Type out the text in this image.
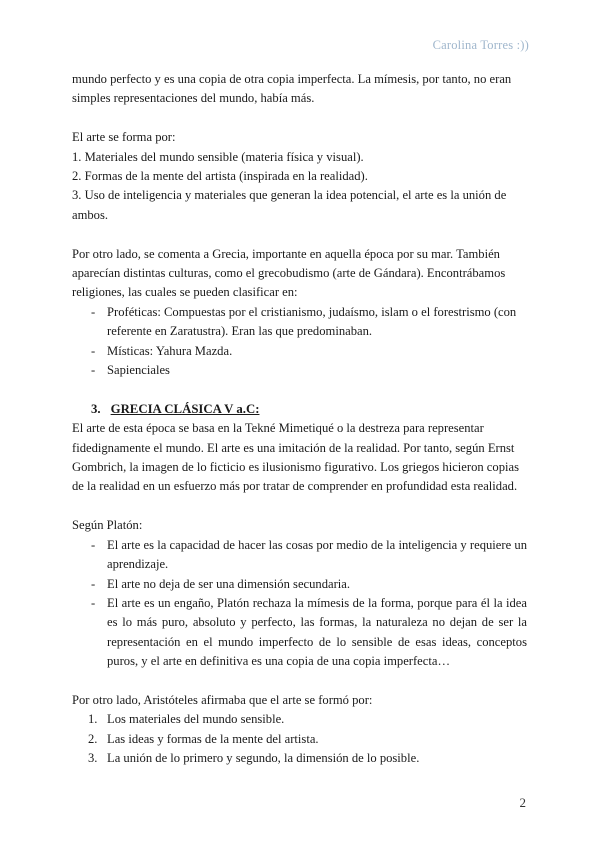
Carolina Torres :))

mundo perfecto y es una copia de otra copia imperfecta. La mímesis, por tanto, no eran simples representaciones del mundo, había más.

El arte se forma por:

1. Materiales del mundo sensible (materia física y visual).

2. Formas de la mente del artista (inspirada en la realidad).

3. Uso de inteligencia y materiales que generan la idea potencial, el arte es la unión de ambos.

Por otro lado, se comenta a Grecia, importante en aquella época por su mar. También aparecían distintas culturas, como el grecobudismo (arte de Gándara). Encontrábamos religiones, las cuales se pueden clasificar en:

- Proféticas: Compuestas por el cristianismo, judaísmo, islam o el forestrismo (con referente en Zaratustra). Eran las que predominaban.
- Místicas: Yahura Mazda.
- Sapienciales

3. GRECIA CLÁSICA V a.C:

El arte de esta época se basa en la Tekné Mimetiqué o la destreza para representar fidedignamente el mundo. El arte es una imitación de la realidad. Por tanto, según Ernst Gombrich, la imagen de lo ficticio es ilusionismo figurativo. Los griegos hicieron copias de la realidad en un esfuerzo más por tratar de comprender en profundidad esta realidad.

Según Platón:

- El arte es la capacidad de hacer las cosas por medio de la inteligencia y requiere un aprendizaje.
- El arte no deja de ser una dimensión secundaria.
- El arte es un engaño, Platón rechaza la mímesis de la forma, porque para él la idea es lo más puro, absoluto y perfecto, las formas, la naturaleza no dejan de ser la representación en el mundo imperfecto de lo sensible de esas ideas, conceptos puros, y el arte en definitiva es una copia de una copia imperfecta…

Por otro lado, Aristóteles afirmaba que el arte se formó por:

1. Los materiales del mundo sensible.
2. Las ideas y formas de la mente del artista.
3. La unión de lo primero y segundo, la dimensión de lo posible.
2
